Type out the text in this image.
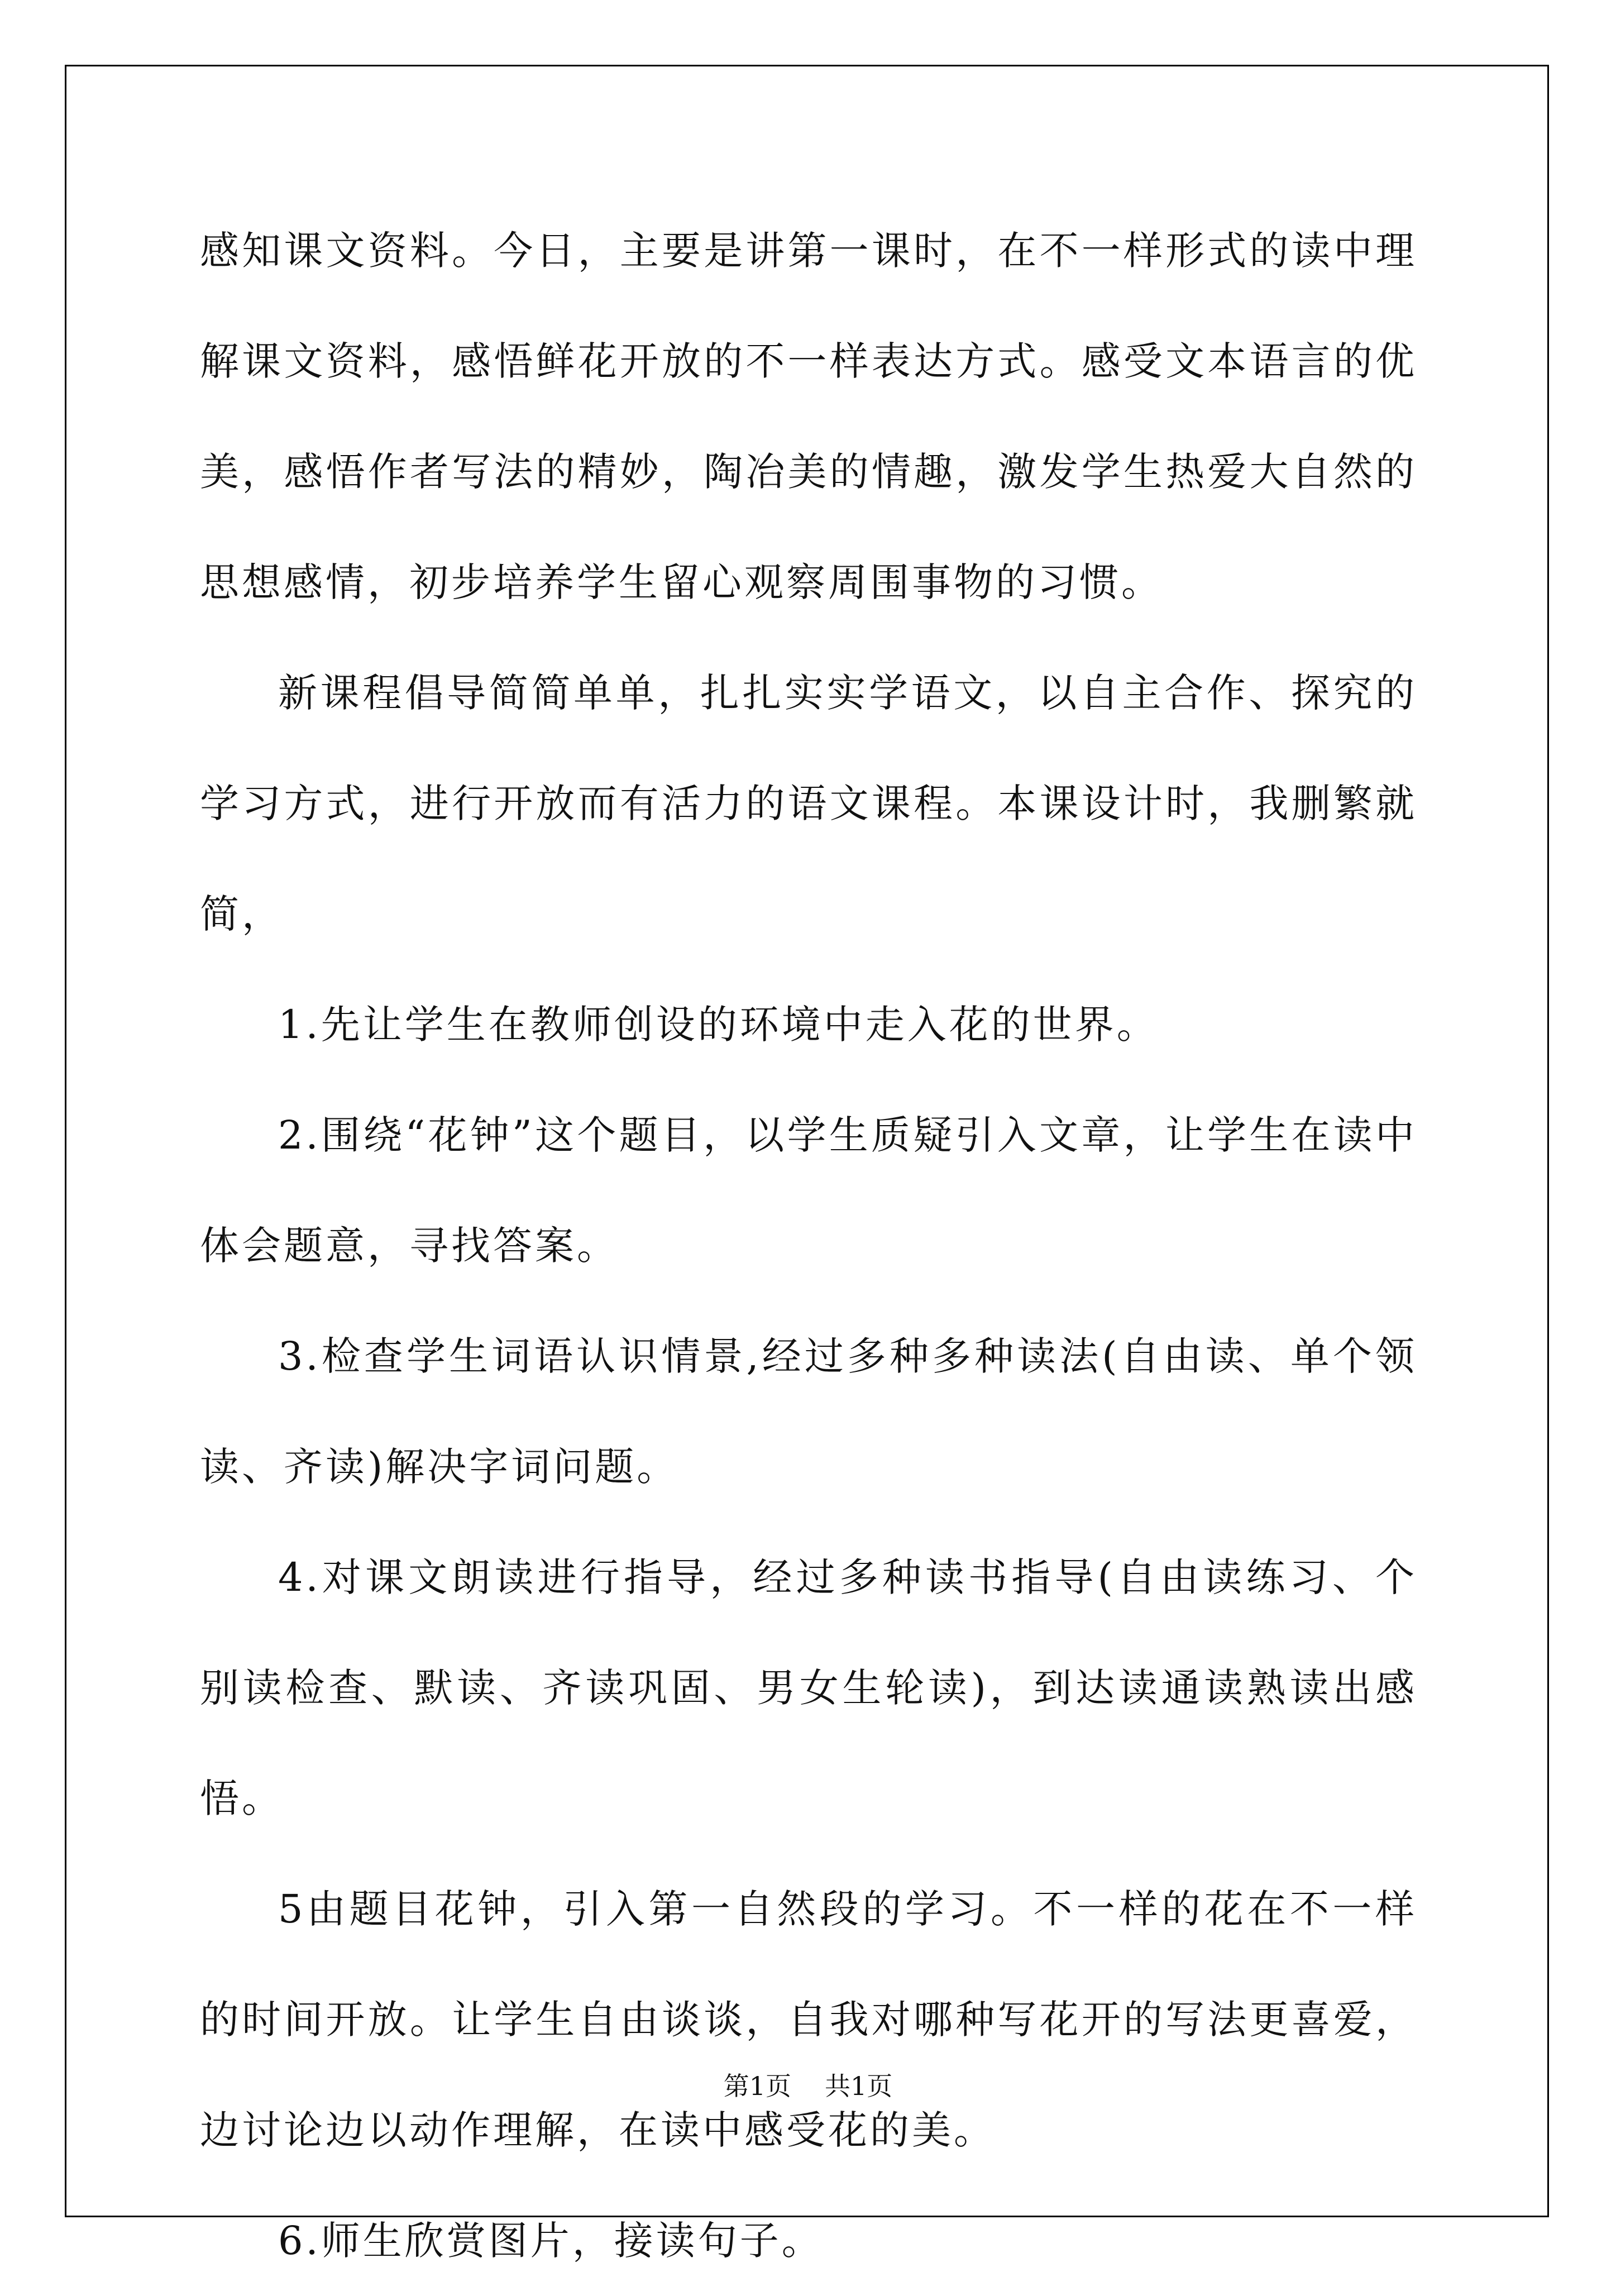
感知课文资料。今日，主要是讲第一课时，在不一样形式的读中理解课文资料，感悟鲜花开放的不一样表达方式。感受文本语言的优美，感悟作者写法的精妙，陶冶美的情趣，激发学生热爱大自然的思想感情，初步培养学生留心观察周围事物的习惯。

新课程倡导简简单单，扎扎实实学语文，以自主合作、探究的学习方式，进行开放而有活力的语文课程。本课设计时，我删繁就简，

1.先让学生在教师创设的环境中走入花的世界。

2.围绕“花钟”这个题目，以学生质疑引入文章，让学生在读中体会题意，寻找答案。

3.检查学生词语认识情景,经过多种多种读法(自由读、单个领读、齐读)解决字词问题。

4.对课文朗读进行指导，经过多种读书指导(自由读练习、个别读检查、默读、齐读巩固、男女生轮读)，到达读通读熟读出感悟。

5由题目花钟，引入第一自然段的学习。不一样的花在不一样的时间开放。让学生自由谈谈，自我对哪种写花开的写法更喜爱，边讨论边以动作理解，在读中感受花的美。

6.师生欣赏图片，接读句子。

第1页 共1页
